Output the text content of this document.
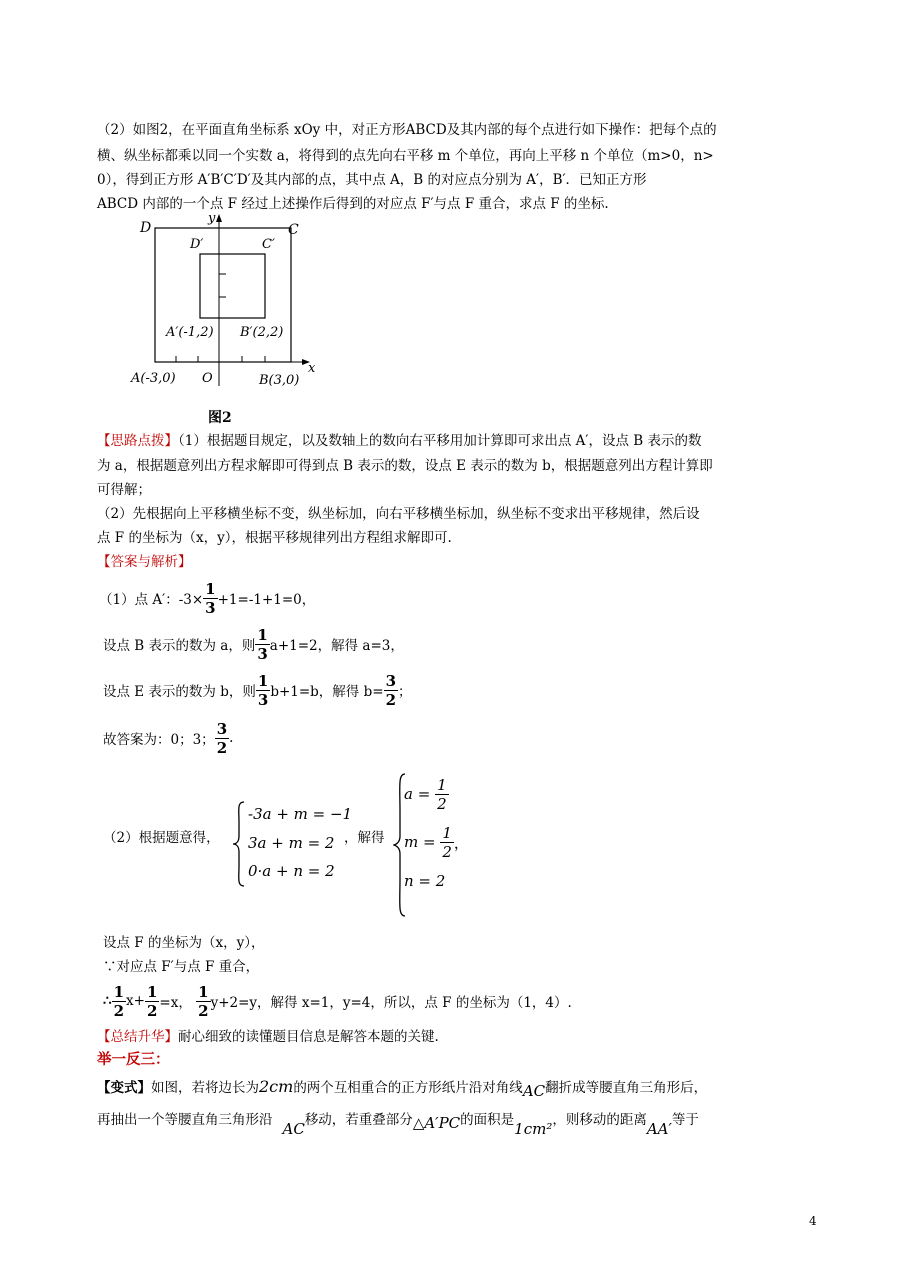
（2）如图2，在平面直角坐标系 xOy 中，对正方形ABCD及其内部的每个点进行如下操作：把每个点的
横、纵坐标都乘以同一个实数 a，将得到的点先向右平移 m 个单位，再向上平移 n 个单位（m>0，n>
0），得到正方形 A′B′C′D′及其内部的点，其中点 A，B 的对应点分别为 A′，B′．已知正方形
ABCD 内部的一个点 F 经过上述操作后得到的对应点 F′与点 F 重合，求点 F 的坐标.
D	C
D′	C′
y
x
A′(-1,2) B′(2,2)
A(-3,0) O	B(3,0)
图2
【思路点拨】（1）根据题目规定，以及数轴上的数向右平移用加计算即可求出点 A′，设点 B 表示的数
为 a，根据题意列出方程求解即可得到点 B 表示的数，设点 E 表示的数为 b，根据题意列出方程计算即
可得解；
（2）先根据向上平移横坐标不变，纵坐标加，向右平移横坐标加，纵坐标不变求出平移规律，然后设
点 F 的坐标为（x，y），根据平移规律列出方程组求解即可.
【答案与解析】
（1）点 A′：$-3\times \frac{1}{3} +1=-1+1=0$，
设点 B 表示的数为 a，则 $\frac{1}{3} a+1=2$，解得 a=3，
设点 E 表示的数为 b，则 $\frac{1}{3} b+1=b$，解得 $b= \frac{3}{2}$ ；
故答案为：0；3； $\frac{3}{2}$ .
（2）根据题意得，
-3a + m = −1
3a + m = 2
0·a + n = 2
，解得
a =
$\frac{1}{2}$
m =
$\frac{1}{2}$ ，
n = 2
设点 F 的坐标为（x，y），
∵对应点 F′与点 F 重合，
∴ $\frac{1}{2} x+ \frac{1}{2} =x$，
$\frac{1}{2} y+2=y$，解得 x=1，y=4，所以，点 F 的坐标为（1，4）.
【总结升华】耐心细致的读懂题目信息是解答本题的关键.
举一反三：
【变式】 如图，若将边长为 2cm 的两个互相重合的正方形纸片沿对角线 AC 翻折成等腰直角三角形后，
再抽出一个等腰直角三角形沿 AC 移动，若重叠部分 △A′PC 的面积是 1cm² ，则移动的距离 AA′ 等于
4
